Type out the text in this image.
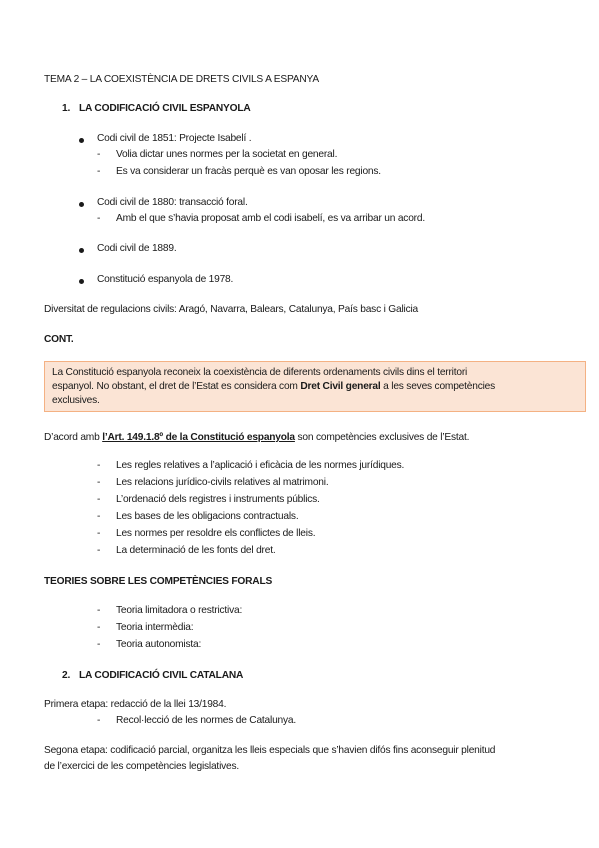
TEMA 2 – LA COEXISTÈNCIA DE DRETS CIVILS A ESPANYA
1. LA CODIFICACIÓ CIVIL ESPANYOLA
Codi civil de 1851: Projecte Isabelí .
- Volia dictar unes normes per la societat en general.
- Es va considerar un fracàs perquè es van oposar les regions.
Codi civil de 1880: transacció foral.
- Amb el que s’havia proposat amb el codi isabelí, es va arribar un acord.
Codi civil de 1889.
Constitució espanyola de 1978.
Diversitat de regulacions civils: Aragó, Navarra, Balears, Catalunya, País basc i Galicia
CONT.
La Constitució espanyola reconeix la coexistència de diferents ordenaments civils dins el territori
espanyol. No obstant, el dret de l’Estat es considera com Dret Civil general a les seves competències
exclusives.
D’acord amb l’Art. 149.1.8º de la Constitució espanyola son competències exclusives de l’Estat.
- Les regles relatives a l’aplicació i eficàcia de les normes jurídiques.
- Les relacions jurídico-civils relatives al matrimoni.
- L’ordenació dels registres i instruments públics.
- Les bases de les obligacions contractuals.
- Les normes per resoldre els conflictes de lleis.
- La determinació de les fonts del dret.
TEORIES SOBRE LES COMPETÈNCIES FORALS
- Teoria limitadora o restrictiva:
- Teoria intermèdia:
- Teoria autonomista:
2. LA CODIFICACIÓ CIVIL CATALANA
Primera etapa: redacció de la llei 13/1984.
- Recol·lecció de les normes de Catalunya.
Segona etapa: codificació parcial, organitza les lleis especials que s’havien difós fins aconseguir plenitud
de l’exercici de les competències legislatives.
